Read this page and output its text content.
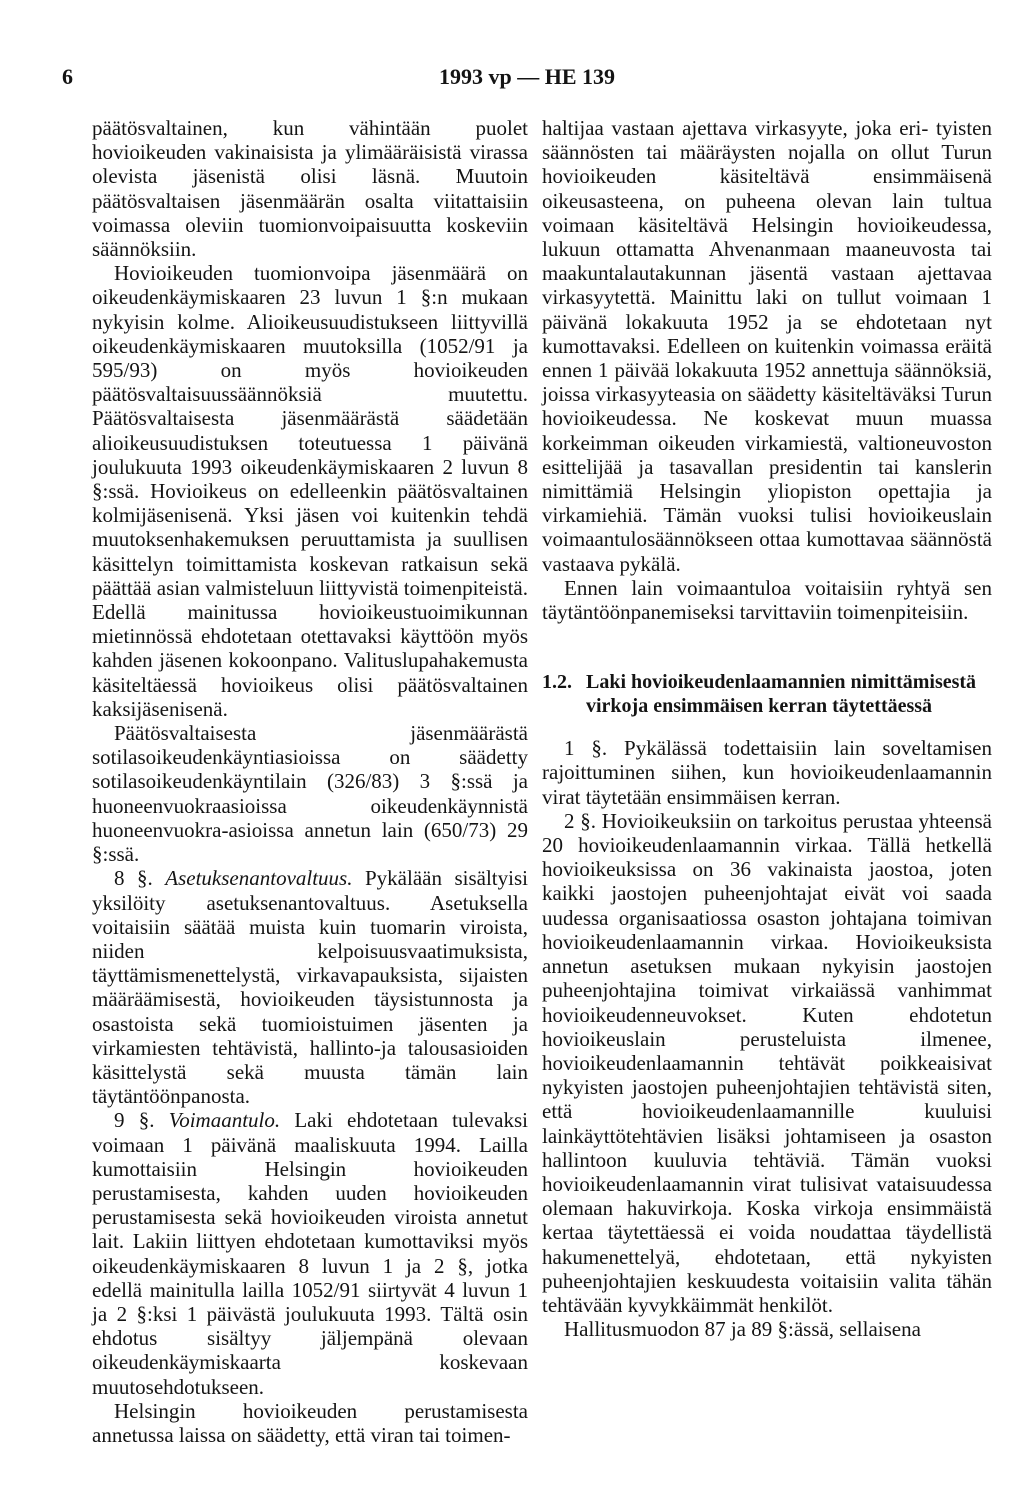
6	1993 vp — HE 139

päätösvaltainen, kun vähintään puolet hovioikeuden vakinaisista ja ylimääräisistä virassa olevista jäsenistä olisi läsnä. Muutoin päätösvaltaisen jäsenmäärän osalta viitattaisiin voimassa oleviin tuomionvoipaisuutta koskeviin säännöksiin.

Hovioikeuden tuomionvoipa jäsenmäärä on oikeudenkäymiskaaren 23 luvun 1 §:n mukaan nykyisin kolme. Alioikeusuudistukseen liittyvillä oikeudenkäymiskaaren muutoksilla (1052/91 ja 595/93) on myös hovioikeuden päätösvaltaisuussäännöksiä muutettu. Päätösvaltaisesta jäsenmäärästä säädetään alioikeusuudistuksen toteutuessa 1 päivänä joulukuuta 1993 oikeudenkäymiskaaren 2 luvun 8 §:ssä. Hovioikeus on edelleenkin päätösvaltainen kolmijäsenisenä. Yksi jäsen voi kuitenkin tehdä muutoksenhakemuksen peruuttamista ja suullisen käsittelyn toimittamista koskevan ratkaisun sekä päättää asian valmisteluun liittyvistä toimenpiteistä. Edellä mainitussa hovioikeustuoimikunnan mietinnössä ehdotetaan otettavaksi käyttöön myös kahden jäsenen kokoonpano. Valituslupahakemusta käsiteltäessä hovioikeus olisi päätösvaltainen kaksijäsenisenä.

Päätösvaltaisesta jäsenmäärästä sotilasoikeudenkäyntiasioissa on säädetty sotilasoikeudenkäyntilain (326/83) 3 §:ssä ja huoneenvuokraasioissa oikeudenkäynnistä huoneenvuokra-asioissa annetun lain (650/73) 29 §:ssä.

8 §. Asetuksenantovaltuus. Pykälään sisältyisi yksilöity asetuksenantovaltuus. Asetuksella voitaisiin säätää muista kuin tuomarin viroista, niiden kelpoisuusvaatimuksista, täyttämismenettelystä, virkavapauksista, sijaisten määräämisestä, hovioikeuden täysistunnosta ja osastoista sekä tuomioistuimen jäsenten ja virkamiesten tehtävistä, hallinto-ja talousasioiden käsittelystä sekä muusta tämän lain täytäntöönpanosta.

9 §. Voimaantulo. Laki ehdotetaan tulevaksi voimaan 1 päivänä maaliskuuta 1994. Lailla kumottaisiin Helsingin hovioikeuden perustamisesta, kahden uuden hovioikeuden perustamisesta sekä hovioikeuden viroista annetut lait. Lakiin liittyen ehdotetaan kumottaviksi myös oikeudenkäymiskaaren 8 luvun 1 ja 2 §, jotka edellä mainitulla lailla 1052/91 siirtyvät 4 luvun 1 ja 2 §:ksi 1 päivästä joulukuuta 1993. Tältä osin ehdotus sisältyy jäljempänä olevaan oikeudenkäymiskaarta koskevaan muutosehdotukseen.

Helsingin hovioikeuden perustamisesta annetussa laissa on säädetty, että viran tai toimen-

haltijaa vastaan ajettava virkasyyte, joka eri- tyisten säännösten tai määräysten nojalla on ollut Turun hovioikeuden käsiteltävä ensimmäisenä oikeusasteena, on puheena olevan lain tultua voimaan käsiteltävä Helsingin hovioikeudessa, lukuun ottamatta Ahvenanmaan maaneuvosta tai maakuntalautakunnan jäsentä vastaan ajettavaa virkasyytettä. Mainittu laki on tullut voimaan 1 päivänä lokakuuta 1952 ja se ehdotetaan nyt kumottavaksi. Edelleen on kuitenkin voimassa eräitä ennen 1 päivää lokakuuta 1952 annettuja säännöksiä, joissa virkasyyteasia on säädetty käsiteltäväksi Turun hovioikeudessa. Ne koskevat muun muassa korkeimman oikeuden virkamiestä, valtioneuvoston esittelijää ja tasavallan presidentin tai kanslerin nimittämiä Helsingin yliopiston opettajia ja virkamiehiä. Tämän vuoksi tulisi hovioikeuslain voimaantulosäännökseen ottaa kumottavaa säännöstä vastaava pykälä.

Ennen lain voimaantuloa voitaisiin ryhtyä sen täytäntöönpanemiseksi tarvittaviin toimenpiteisiin.

1.2. Laki hovioikeudenlaamannien nimittämisestä virkoja ensimmäisen kerran täytettäessä

1 §. Pykälässä todettaisiin lain soveltamisen rajoittuminen siihen, kun hovioikeudenlaamannin virat täytetään ensimmäisen kerran.

2 §. Hovioikeuksiin on tarkoitus perustaa yhteensä 20 hovioikeudenlaamannin virkaa. Tällä hetkellä hovioikeuksissa on 36 vakinaista jaostoa, joten kaikki jaostojen puheenjohtajat eivät voi saada uudessa organisaatiossa osaston johtajana toimivan hovioikeudenlaamannin virkaa. Hovioikeuksista annetun asetuksen mukaan nykyisin jaostojen puheenjohtajina toimivat virkaiässä vanhimmat hovioikeudenneuvokset. Kuten ehdotetun hovioikeuslain perusteluista ilmenee, hovioikeudenlaamannin tehtävät poikkeaisivat nykyisten jaostojen puheenjohtajien tehtävistä siten, että hovioikeudenlaamannille kuuluisi lainkäyttötehtävien lisäksi johtamiseen ja osaston hallintoon kuuluvia tehtäviä. Tämän vuoksi hovioikeudenlaamannin virat tulisivat vataisuudessa olemaan hakuvirkoja. Koska virkoja ensimmäistä kertaa täytettäessä ei voida noudattaa täydellistä hakumenettelyä, ehdotetaan, että nykyisten puheenjohtajien keskuudesta voitaisiin valita tähän tehtävään kyvykkäimmät henkilöt.

Hallitusmuodon 87 ja 89 §:ässä, sellaisena
